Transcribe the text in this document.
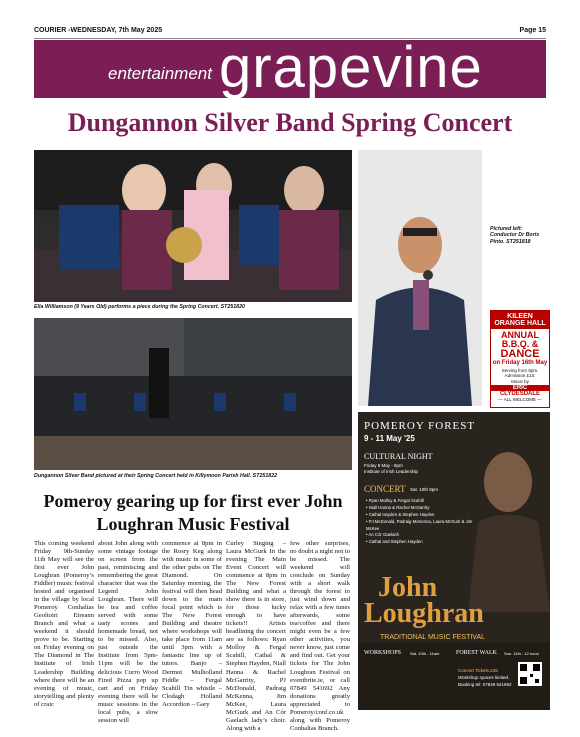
COURIER -WEDNESDAY, 7th May 2025	Page 15
entertainment grapevine
Dungannon Silver Band Spring Concert
Ella Williamson (9 Years Old) performs a piece during the Spring Concert. ST251820
Dungannon Silver Band pictured at their Spring Concert held in Killymoon Parish Hall. ST251822
Pictured left: Conductor Dr Boris Pinto. ST251818
KILEEN ORANGE HALL
ANNUAL
B.B.Q. &
DANCE
on Friday 16th May
Serving from 6pm.
Admission £10.
Music by
ERIC
CLYDESDALE
— ALL WELCOME —
Pomeroy gearing up for first ever John Loughran Music Festival
This coming weekend Friday 9th-Sunday 11th May will see the first ever John Loughran (Pomeroy’s Fiddler) music festival hosted and organised in the village by local Pomeroy Conhaltas Geoltoiri Eireann Branch and what a weekend it should prove to be. Starting on Friday evening on The Diamond in The Institute of Irish Leadership Building where there will be an evening of music, storytelling and plenty of craic
about John along with some vintage footage on screen from the past, reminiscing and remembering the great character that was the Legend John Loughran. There will be tea and coffee served with some tasty scones and homemade bread, not to be missed. Also, just outside the Institute from 5pm-11pm will be the delicious Curro Wood Fired Pizza pop up cart and on Friday evening there will be music sessions in the local pubs, a slow session will
commence at 8pm in the Rosry Keg along with music in some of the other pubs on The Diamond. On Saturday morning, the festival will then head down to the main focal point which is The New Forest Building and theatre where workshops will take place from 11am until 3pm with a fantastic line up of tutors. Banjo – Dermot Mulholland Fiddle – Fergal Scahill Tin whistle – Clodagh Holland Accordion – Gary
Curley Singing – Laura McGurk In the evening The Main Event Concert will commence at 8pm in The New Forest Building and what a show there is in store, for those lucky enough to have tickets!! Artists headlining the concert are as follows: Ryan Molloy & Fergal Scahill, Cathal & Stephen Hayden, Niall Hanna & Rachel McGarrity, PJ McDonald, Padraig McKenna, Jim McKee, Laura McGurk and An Cór Gaelach lady’s choir. Along with a
few other surprises, no doubt a night not to be missed. The weekend will conclude on Sunday with a short walk through the forest to just wind down and relax with a few tunes afterwards, some tea/coffee and there might even be a few other activities, you never know, just come and find out. Get your tickets for The John Loughran Festival on eventbrite.ie, or call 07849 541692 Any donations greatly appreciated to Pomeroy/conf.co.uk along with Pomeroy Conhaltas Branch.
POMEROY FOREST
9 - 11 May '25
CULTURAL NIGHT
Friday 9 May - 8pm
Institute of Irish Leadership
CONCERT Sat. 10th 8pm
• Ryan Molloy & Fergal Scahill
• Niall Hanna & Rachel McGarrity
• Cathal Hayden & Stephen Hayden
• PJ McDonald, Padraig McKenna, Laura McGurk & Jim McKee
• An Cór Gaelach
• Cathal and Stephen Hayden
John
Loughran
TRADITIONAL MUSIC FESTIVAL
WORKSHOPS Sat. 10th - 11am	FOREST WALK Sun. 11th - 12 noon
Concert Tickets £25
Workshop spaces limited.
Booking tel: 07849 541692
